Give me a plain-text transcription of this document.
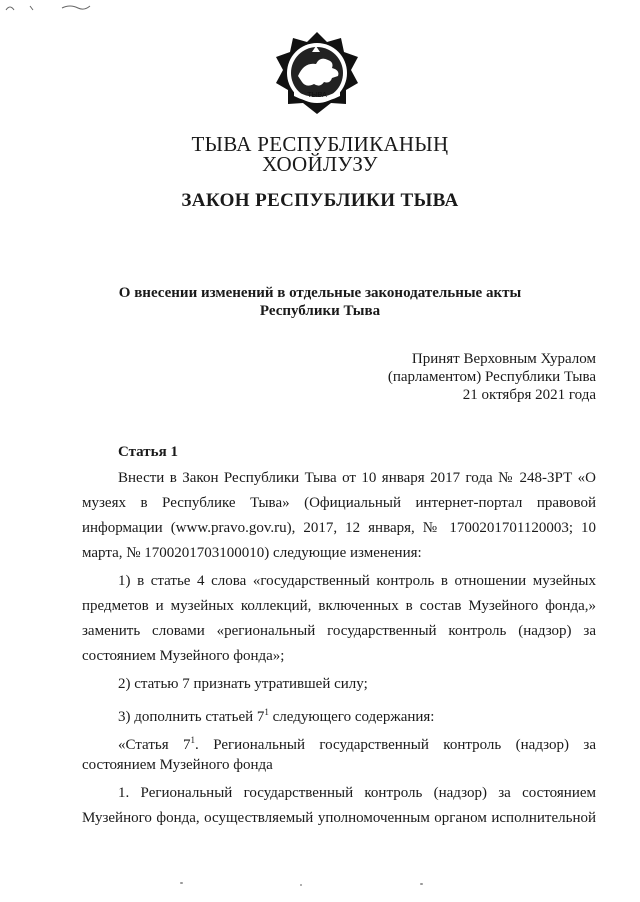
ТЫВА
ТЫВА РЕСПУБЛИКАНЫҢ
ХООЙЛУЗУ
ЗАКОН РЕСПУБЛИКИ ТЫВА
О внесении изменений в отдельные законодательные акты
Республики Тыва
Принят Верховным Хуралом
(парламентом) Республики Тыва
21 октября 2021 года
Статья 1
Внести в Закон Республики Тыва от 10 января 2017 года № 248-ЗРТ «О
музеях в Республике Тыва» (Официальный интернет-портал правовой
информации (www.pravo.gov.ru), 2017, 12 января, № 1700201701120003; 10
марта, № 1700201703100010) следующие изменения:
1) в статье 4 слова «государственный контроль в отношении музейных
предметов и музейных коллекций, включенных в состав Музейного фонда,»
заменить словами «региональный государственный контроль (надзор) за
состоянием Музейного фонда»;
2) статью 7 признать утратившей силу;
3) дополнить статьей $7^1$ следующего содержания:
«Статья $7^1$. Региональный государственный контроль (надзор) за
состоянием Музейного фонда
1. Региональный государственный контроль (надзор) за состоянием
Музейного фонда, осуществляемый уполномоченным органом исполнительной
